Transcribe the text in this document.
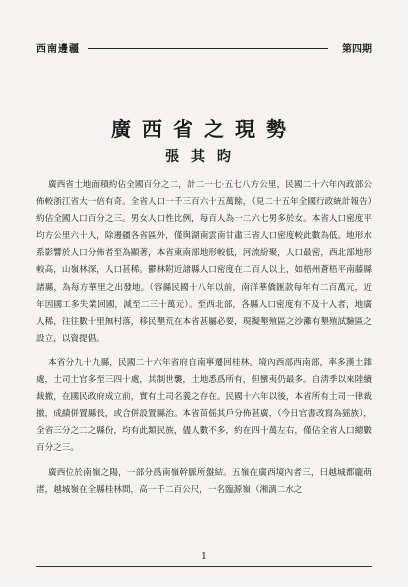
西南邊疆	第四期
廣西省之現勢
張其昀

廣西省土地面積約佔全國百分之二，計二一七·五七八方公里，民國二十六年內政部公佈較浙江省大一倍有奇。全省人口一千三百六十五萬餘，（見二十五年全國行政統計報告）約佔全國人口百分之三。男女人口性比例，每百人為一二六七男多於女。本省人口密度平均方公里六十人，除邊疆各省區外，僅與湖南雲南甘肅三省人口密度較此數為低。地形水系影響於人口分佈者至為顯著，本省東南部地形較低，河流紛聚，人口最密，西北部地形較高，山嶺林深，人口甚稀。鬱林附近諸縣人口密度在二百人以上，如梧州蒼梧平南藤縣諸縣，為每方華里之出發地。（容縣民國十八年以前，南洋華僑匯款每年有二百萬元，近年因國工多失業回國，減至二三十萬元）。至西北部，各縣人口密度有不及十人者，地廣人稀，往往數十里無村落，移民墾荒在本省甚屬必要，現擬墾殖區之沙灘有墾殖試驗區之設立，以資提倡。

本省分九十九縣，民國二十六年省府自南寧遷回桂林。境內西部西南部，率多漢土雜處，土司土官多至三四十處，其制世襲，土地悉爲所有，但蠻夷仍最多。自淸季以來陸續裁撤，在國民政府成立前，實有土司名義之存在。民國十六年以後，本省所有土司一律裁撤，成績併置縣長，或合併設置縣治。本省苗傜其戶分佈甚廣，（今日官書改寫為猺族），全省三分之二之縣份，均有此類民族，儘人數不多，約在四十萬左右，僅佔全省人口總數百分之三。

廣西位於南嶺之陽，一部分爲南嶺幹脈所盤結。五嶺在廣西境內者三，曰越城都龐萌渚，越城嶺在全縣桂林間，高一千二百公尺，一名臨源嶺（湘漓二水之

1
